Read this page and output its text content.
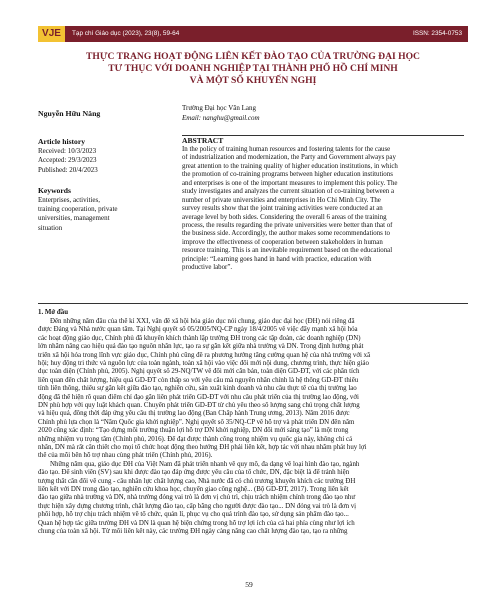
VJE	Tạp chí Giáo dục (2023), 23(8), 59-64	ISSN: 2354-0753
THỰC TRẠNG HOẠT ĐỘNG LIÊN KẾT ĐÀO TẠO CỦA TRƯỜNG ĐẠI HỌC
TƯ THỤC VỚI DOANH NGHIỆP TẠI THÀNH PHỐ HỒ CHÍ MINH
VÀ MỘT SỐ KHUYẾN NGHỊ
Nguyễn Hữu Năng
Trường Đại học Văn Lang
Email: nanghu@gmail.com
Article history
Received: 10/3/2023
Accepted: 29/3/2023
Published: 20/4/2023
Keywords
Enterprises, activities,
training cooperation, private
universities, management
situation
ABSTRACT
In the policy of training human resources and fostering talents for the cause
of industrialization and modernization, the Party and Government always pay
great attention to the training quality of higher education institutions, in which
the promotion of co-training programs between higher education institutions
and enterprises is one of the important measures to implement this policy. The
study investigates and analyzes the current situation of co-training between a
number of private universities and enterprises in Ho Chi Minh City. The
survey results show that the joint training activities were conducted at an
average level by both sides. Considering the overall 6 areas of the training
process, the results regarding the private universities were better than that of
the business side. Accordingly, the author makes some recommendations to
improve the effectiveness of cooperation between stakeholders in human
resource training. This is an inevitable requirement based on the educational
principle: “Learning goes hand in hand with practice, education with
productive labor”.
1. Mở đầu
Đến những năm đầu của thế kỉ XXI, vấn đề xã hội hóa giáo dục nói chung, giáo dục đại học (ĐH) nói riêng đã
được Đảng và Nhà nước quan tâm. Tại Nghị quyết số 05/2005/NQ-CP ngày 18/4/2005 về việc đẩy mạnh xã hội hóa
các hoạt động giáo dục, Chính phủ đã khuyến khích thành lập trường ĐH trong các tập đoàn, các doanh nghiệp (DN)
lớn nhằm nâng cao hiệu quả đào tạo nguồn nhân lực, tạo ra sự gắn kết giữa nhà trường và DN. Trong định hướng phát
triển xã hội hóa trong lĩnh vực giáo dục, Chính phủ cũng đề ra phương hướng tăng cường quan hệ của nhà trường với xã
hội; huy động tri thức và nguồn lực của toàn ngành, toàn xã hội vào việc đổi mới nội dung, chương trình, thực hiện giáo
dục toàn diện (Chính phủ, 2005). Nghị quyết số 29-NQ/TW về đổi mới căn bản, toàn diện GD-ĐT, với các phân tích
liên quan đến chất lượng, hiệu quả GD-ĐT còn thấp so với yêu cầu mà nguyên nhân chính là hệ thống GD-ĐT thiếu
tính liên thông, thiếu sự gắn kết giữa đào tạo, nghiên cứu, sản xuất kinh doanh và nhu cầu thực tế của thị trường lao
động đã thể hiện rõ quan điểm chỉ đạo gắn liền phát triển GD-ĐT với nhu cầu phát triển của thị trường lao động, với
DN phù hợp với quy luật khách quan. Chuyển phát triển GD-ĐT từ chủ yếu theo số lượng sang chú trọng chất lượng
và hiệu quả, đồng thời đáp ứng yêu cầu thị trường lao động (Ban Chấp hành Trung ương, 2013). Năm 2016 được
Chính phủ lựa chọn là “Năm Quốc gia khởi nghiệp”. Nghị quyết số 35/NQ-CP về hỗ trợ và phát triển DN đến năm
2020 cũng xác định: “Tạo dựng môi trường thuận lợi hỗ trợ DN khởi nghiệp, DN đổi mới sáng tạo” là một trong
những nhiệm vụ trọng tâm (Chính phủ, 2016). Để đạt được thành công trong nhiệm vụ quốc gia này, không chỉ cá
nhân, DN mà rất cần thiết cho mọi tổ chức hoạt động theo hướng ĐH phải liên kết, hợp tác với nhau nhằm phát huy lợi
thế của mỗi bên hỗ trợ nhau cùng phát triển (Chính phủ, 2016).
Những năm qua, giáo dục ĐH của Việt Nam đã phát triển nhanh về quy mô, đa dạng về loại hình đào tạo, ngành
đào tạo. Để sinh viên (SV) sau khi được đào tạo đáp ứng được yêu cầu của tổ chức, DN, đặc biệt là để tránh hiện
tượng thất cân đối về cung - cầu nhân lực chất lượng cao, Nhà nước đã có chủ trương khuyến khích các trường ĐH
liên kết với DN trong đào tạo, nghiên cứu khoa học, chuyển giao công nghệ... (Bộ GD-ĐT, 2017). Trong liên kết
đào tạo giữa nhà trường và DN, nhà trường đóng vai trò là đơn vị chủ trì, chịu trách nhiệm chính trong đào tạo như
thực hiện xây dựng chương trình, chất lượng đào tạo, cấp bằng cho người được đào tạo... DN đóng vai trò là đơn vị
phối hợp, hỗ trợ chịu trách nhiệm về tổ chức, quản lí, phục vụ cho quá trình đào tạo, sử dụng sản phẩm đào tạo...
Quan hệ hợp tác giữa trường ĐH và DN là quan hệ biện chứng trong hỗ trợ lợi ích của cả hai phía cùng như lợi ích
chung của toàn xã hội. Từ mối liên kết này, các trường ĐH ngày càng nâng cao chất lượng đào tạo, tạo ra những
59
